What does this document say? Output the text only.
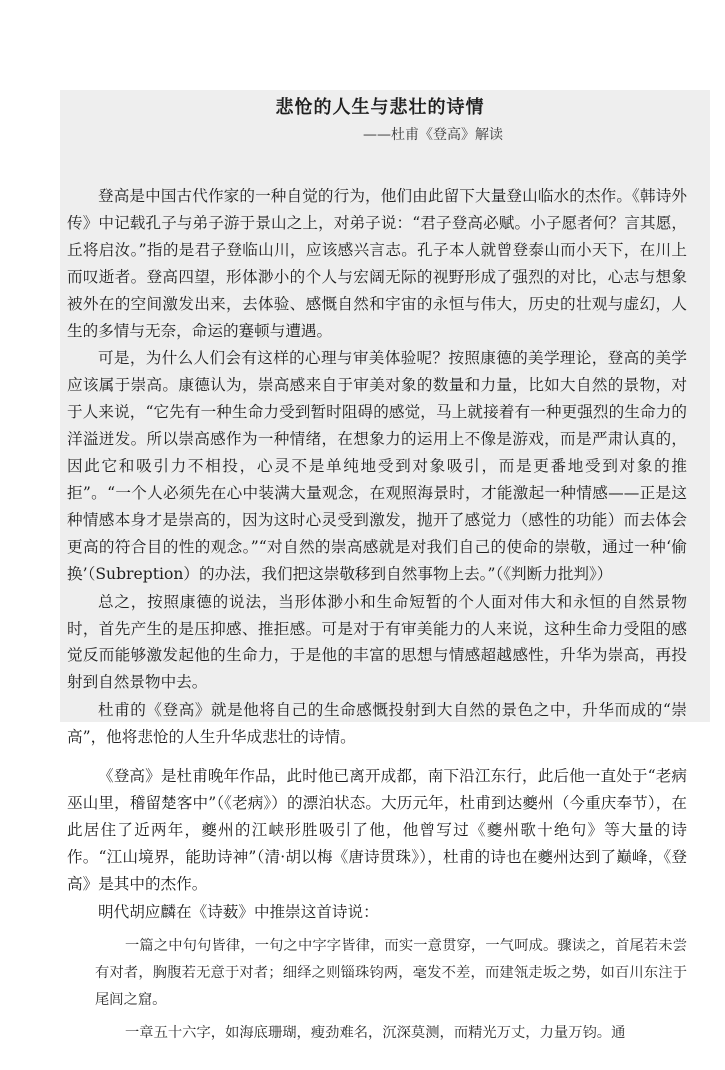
悲怆的人生与悲壮的诗情
——杜甫《登高》解读

登高是中国古代作家的一种自觉的行为，他们由此留下大量登山临水的杰作。《韩诗外传》中记载孔子与弟子游于景山之上，对弟子说：“君子登高必赋。小子愿者何？言其愿，丘将启汝。”指的是君子登临山川，应该感兴言志。孔子本人就曾登泰山而小天下，在川上而叹逝者。登高四望，形体渺小的个人与宏阔无际的视野形成了强烈的对比，心志与想象被外在的空间激发出来，去体验、感慨自然和宇宙的永恒与伟大，历史的壮观与虚幻，人生的多情与无奈，命运的蹇顿与遭遇。

可是，为什么人们会有这样的心理与审美体验呢？按照康德的美学理论，登高的美学应该属于崇高。康德认为，崇高感来自于审美对象的数量和力量，比如大自然的景物，对于人来说，“它先有一种生命力受到暂时阻碍的感觉，马上就接着有一种更强烈的生命力的洋溢迸发。所以崇高感作为一种情绪，在想象力的运用上不像是游戏，而是严肃认真的，因此它和吸引力不相投，心灵不是单纯地受到对象吸引，而是更番地受到对象的推拒”。“一个人必须先在心中装满大量观念，在观照海景时，才能激起一种情感——正是这种情感本身才是崇高的，因为这时心灵受到激发，抛开了感觉力（感性的功能）而去体会更高的符合目的性的观念。”“对自然的崇高感就是对我们自己的使命的崇敬，通过一种‘偷换’（Subreption）的办法，我们把这崇敬移到自然事物上去。”（《判断力批判》）

总之，按照康德的说法，当形体渺小和生命短暂的个人面对伟大和永恒的自然景物时，首先产生的是压抑感、推拒感。可是对于有审美能力的人来说，这种生命力受阻的感觉反而能够激发起他的生命力，于是他的丰富的思想与情感超越感性，升华为崇高，再投射到自然景物中去。

杜甫的《登高》就是他将自己的生命感慨投射到大自然的景色之中，升华而成的“崇高”，他将悲怆的人生升华成悲壮的诗情。

《登高》是杜甫晚年作品，此时他已离开成都，南下沿江东行，此后他一直处于“老病巫山里，稽留楚客中”（《老病》）的漂泊状态。大历元年，杜甫到达夔州（今重庆奉节），在此居住了近两年，夔州的江峡形胜吸引了他，他曾写过《夔州歌十绝句》等大量的诗作。“江山境界，能助诗神”（清·胡以梅《唐诗贯珠》），杜甫的诗也在夔州达到了巅峰，《登高》是其中的杰作。

明代胡应麟在《诗薮》中推崇这首诗说：

一篇之中句句皆律，一句之中字字皆律，而实一意贯穿，一气呵成。骤读之，首尾若未尝有对者，胸腹若无意于对者；细绎之则锱珠钧两，毫发不差，而建瓴走坂之势，如百川东注于尾闾之窟。

一章五十六字，如海底珊瑚，瘦劲难名，沉深莫测，而精光万丈，力量万钧。通
